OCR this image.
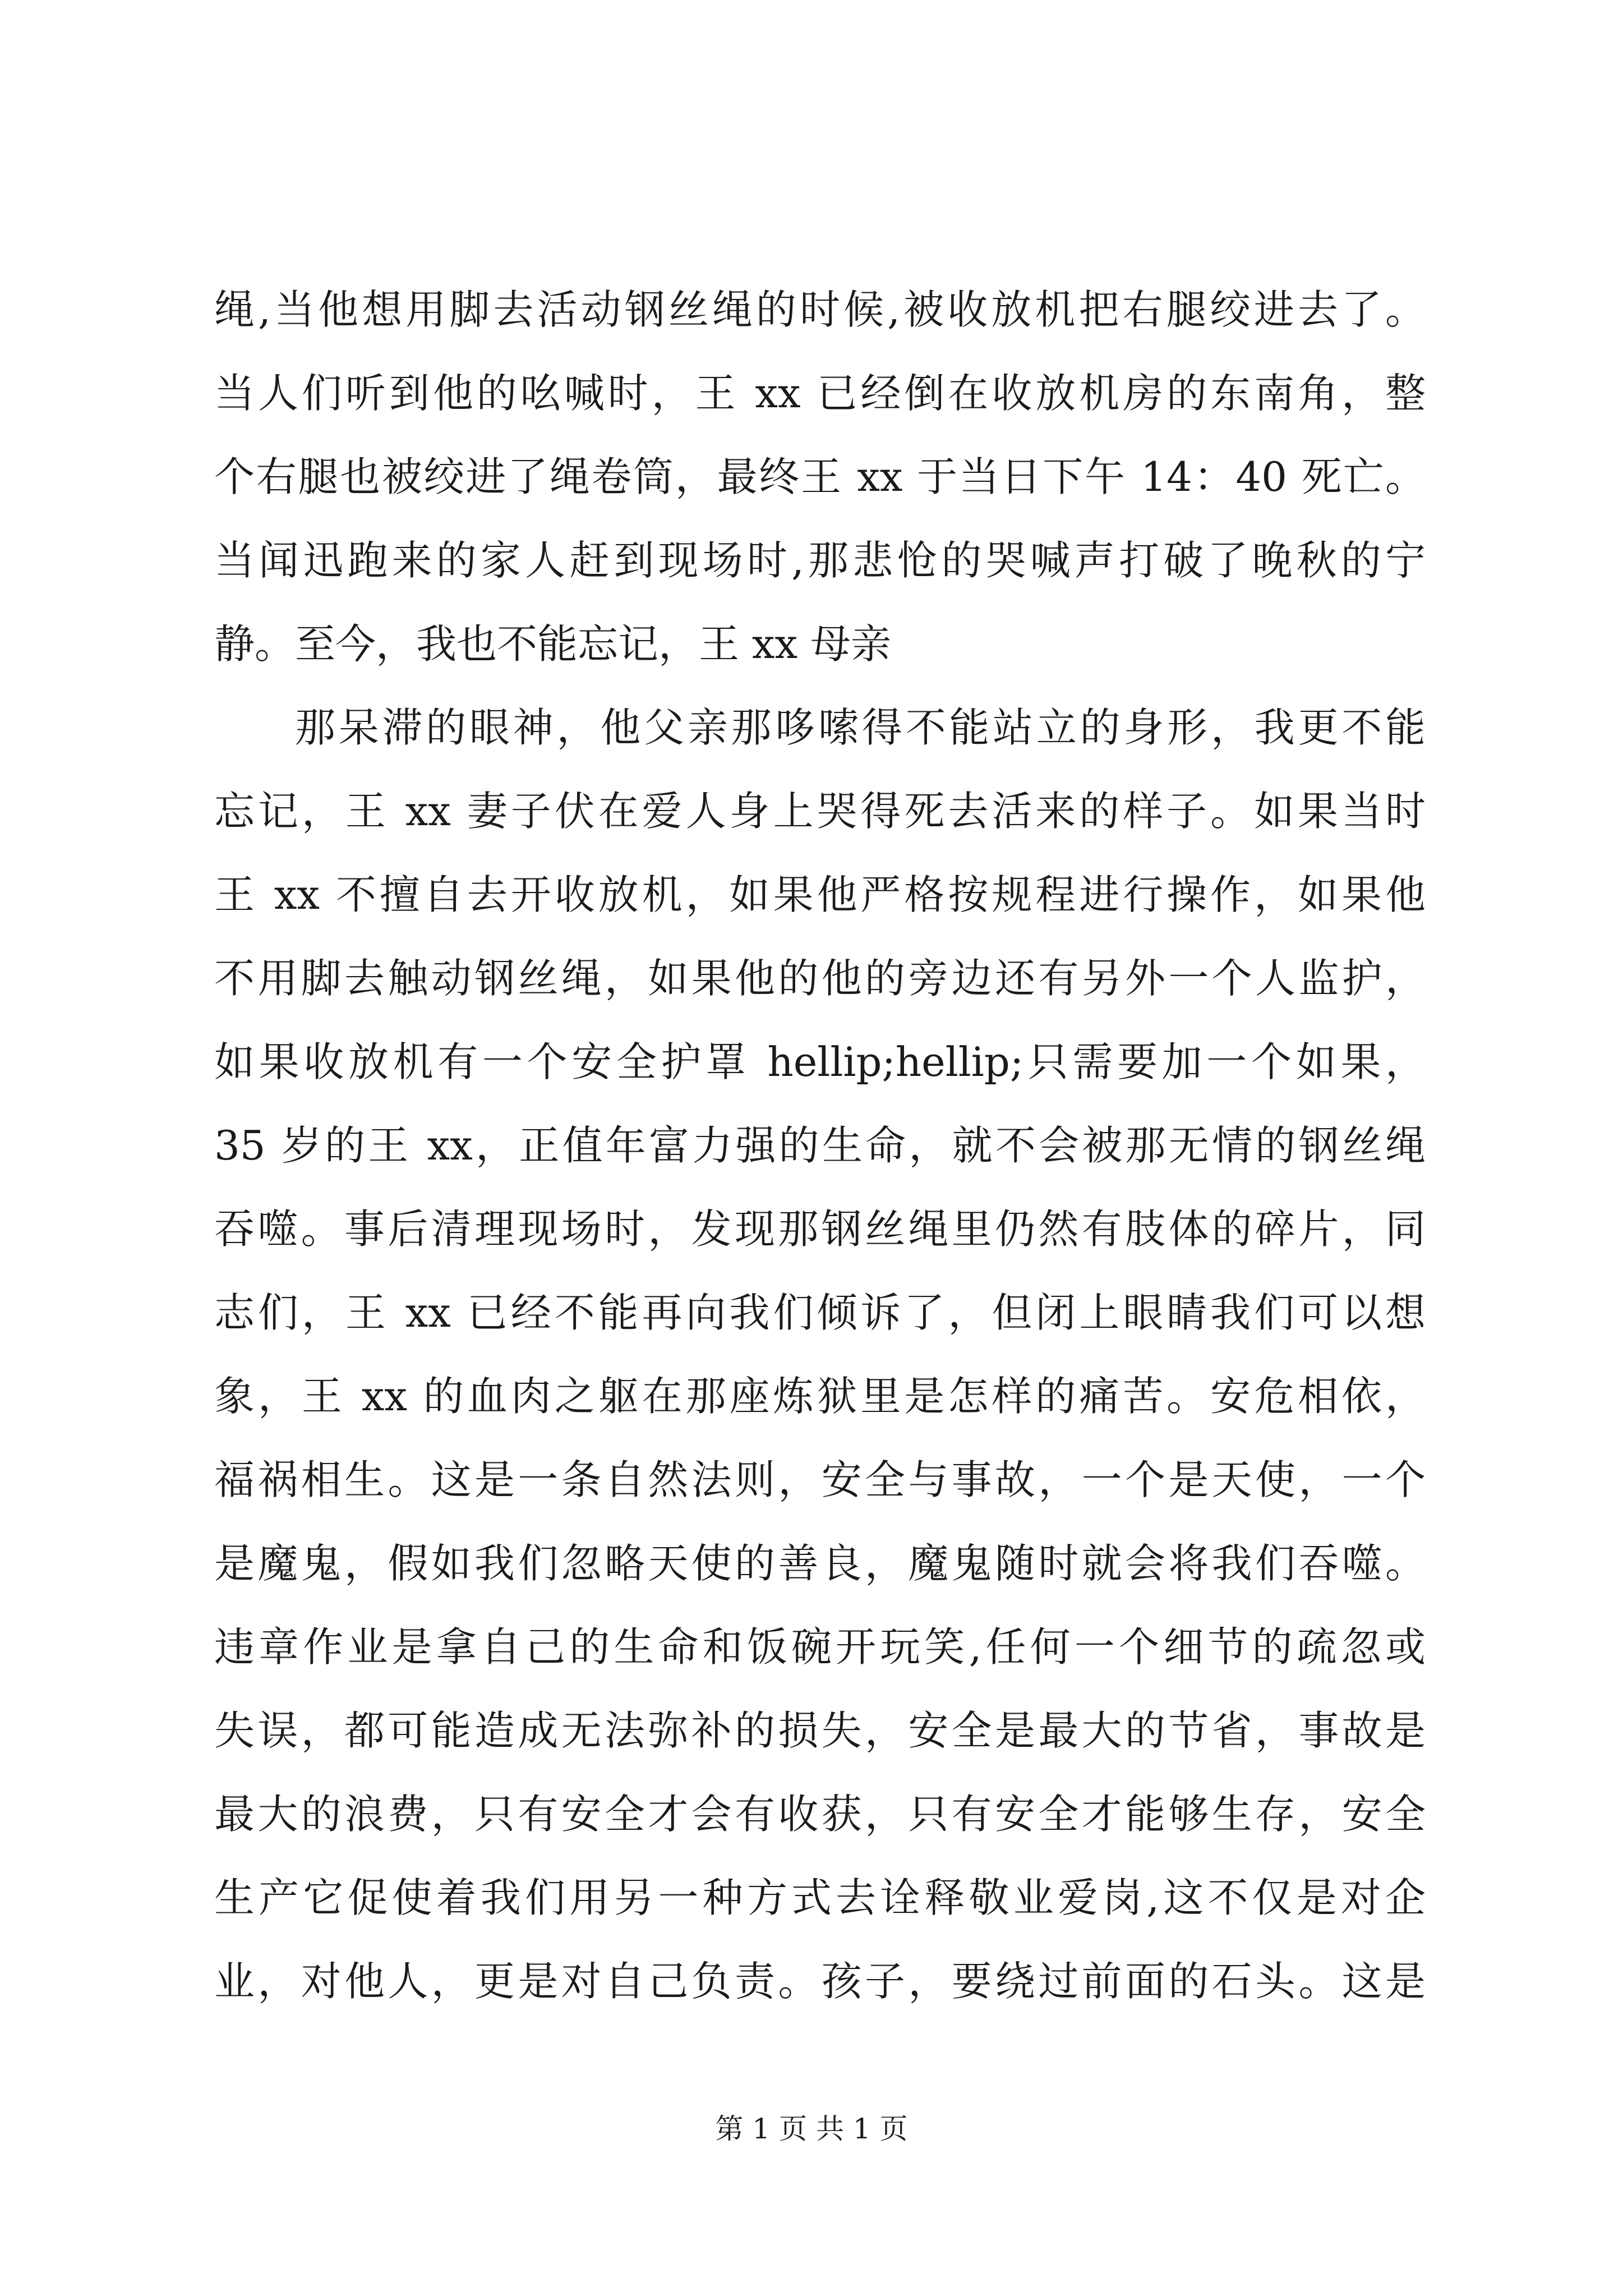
绳,当他想用脚去活动钢丝绳的时候,被收放机把右腿绞进去了。
当人们听到他的吆喊时，王 xx 已经倒在收放机房的东南角，整
个右腿也被绞进了绳卷筒，最终王 xx 于当日下午 14：40 死亡。
当闻迅跑来的家人赶到现场时,那悲怆的哭喊声打破了晚秋的宁
静。至今，我也不能忘记，王 xx 母亲
那呆滞的眼神，他父亲那哆嗦得不能站立的身形，我更不能
忘记，王 xx 妻子伏在爱人身上哭得死去活来的样子。如果当时
王 xx 不擅自去开收放机，如果他严格按规程进行操作，如果他
不用脚去触动钢丝绳，如果他的他的旁边还有另外一个人监护，
如果收放机有一个安全护罩 hellip;hellip;只需要加一个如果，
35 岁的王 xx，正值年富力强的生命，就不会被那无情的钢丝绳
吞噬。事后清理现场时，发现那钢丝绳里仍然有肢体的碎片，同
志们，王 xx 已经不能再向我们倾诉了，但闭上眼睛我们可以想
象，王 xx 的血肉之躯在那座炼狱里是怎样的痛苦。安危相依，
福祸相生。这是一条自然法则，安全与事故，一个是天使，一个
是魔鬼，假如我们忽略天使的善良，魔鬼随时就会将我们吞噬。
违章作业是拿自己的生命和饭碗开玩笑,任何一个细节的疏忽或
失误，都可能造成无法弥补的损失，安全是最大的节省，事故是
最大的浪费，只有安全才会有收获，只有安全才能够生存，安全
生产它促使着我们用另一种方式去诠释敬业爱岗,这不仅是对企
业，对他人，更是对自己负责。孩子，要绕过前面的石头。这是
第 1 页 共 1 页
